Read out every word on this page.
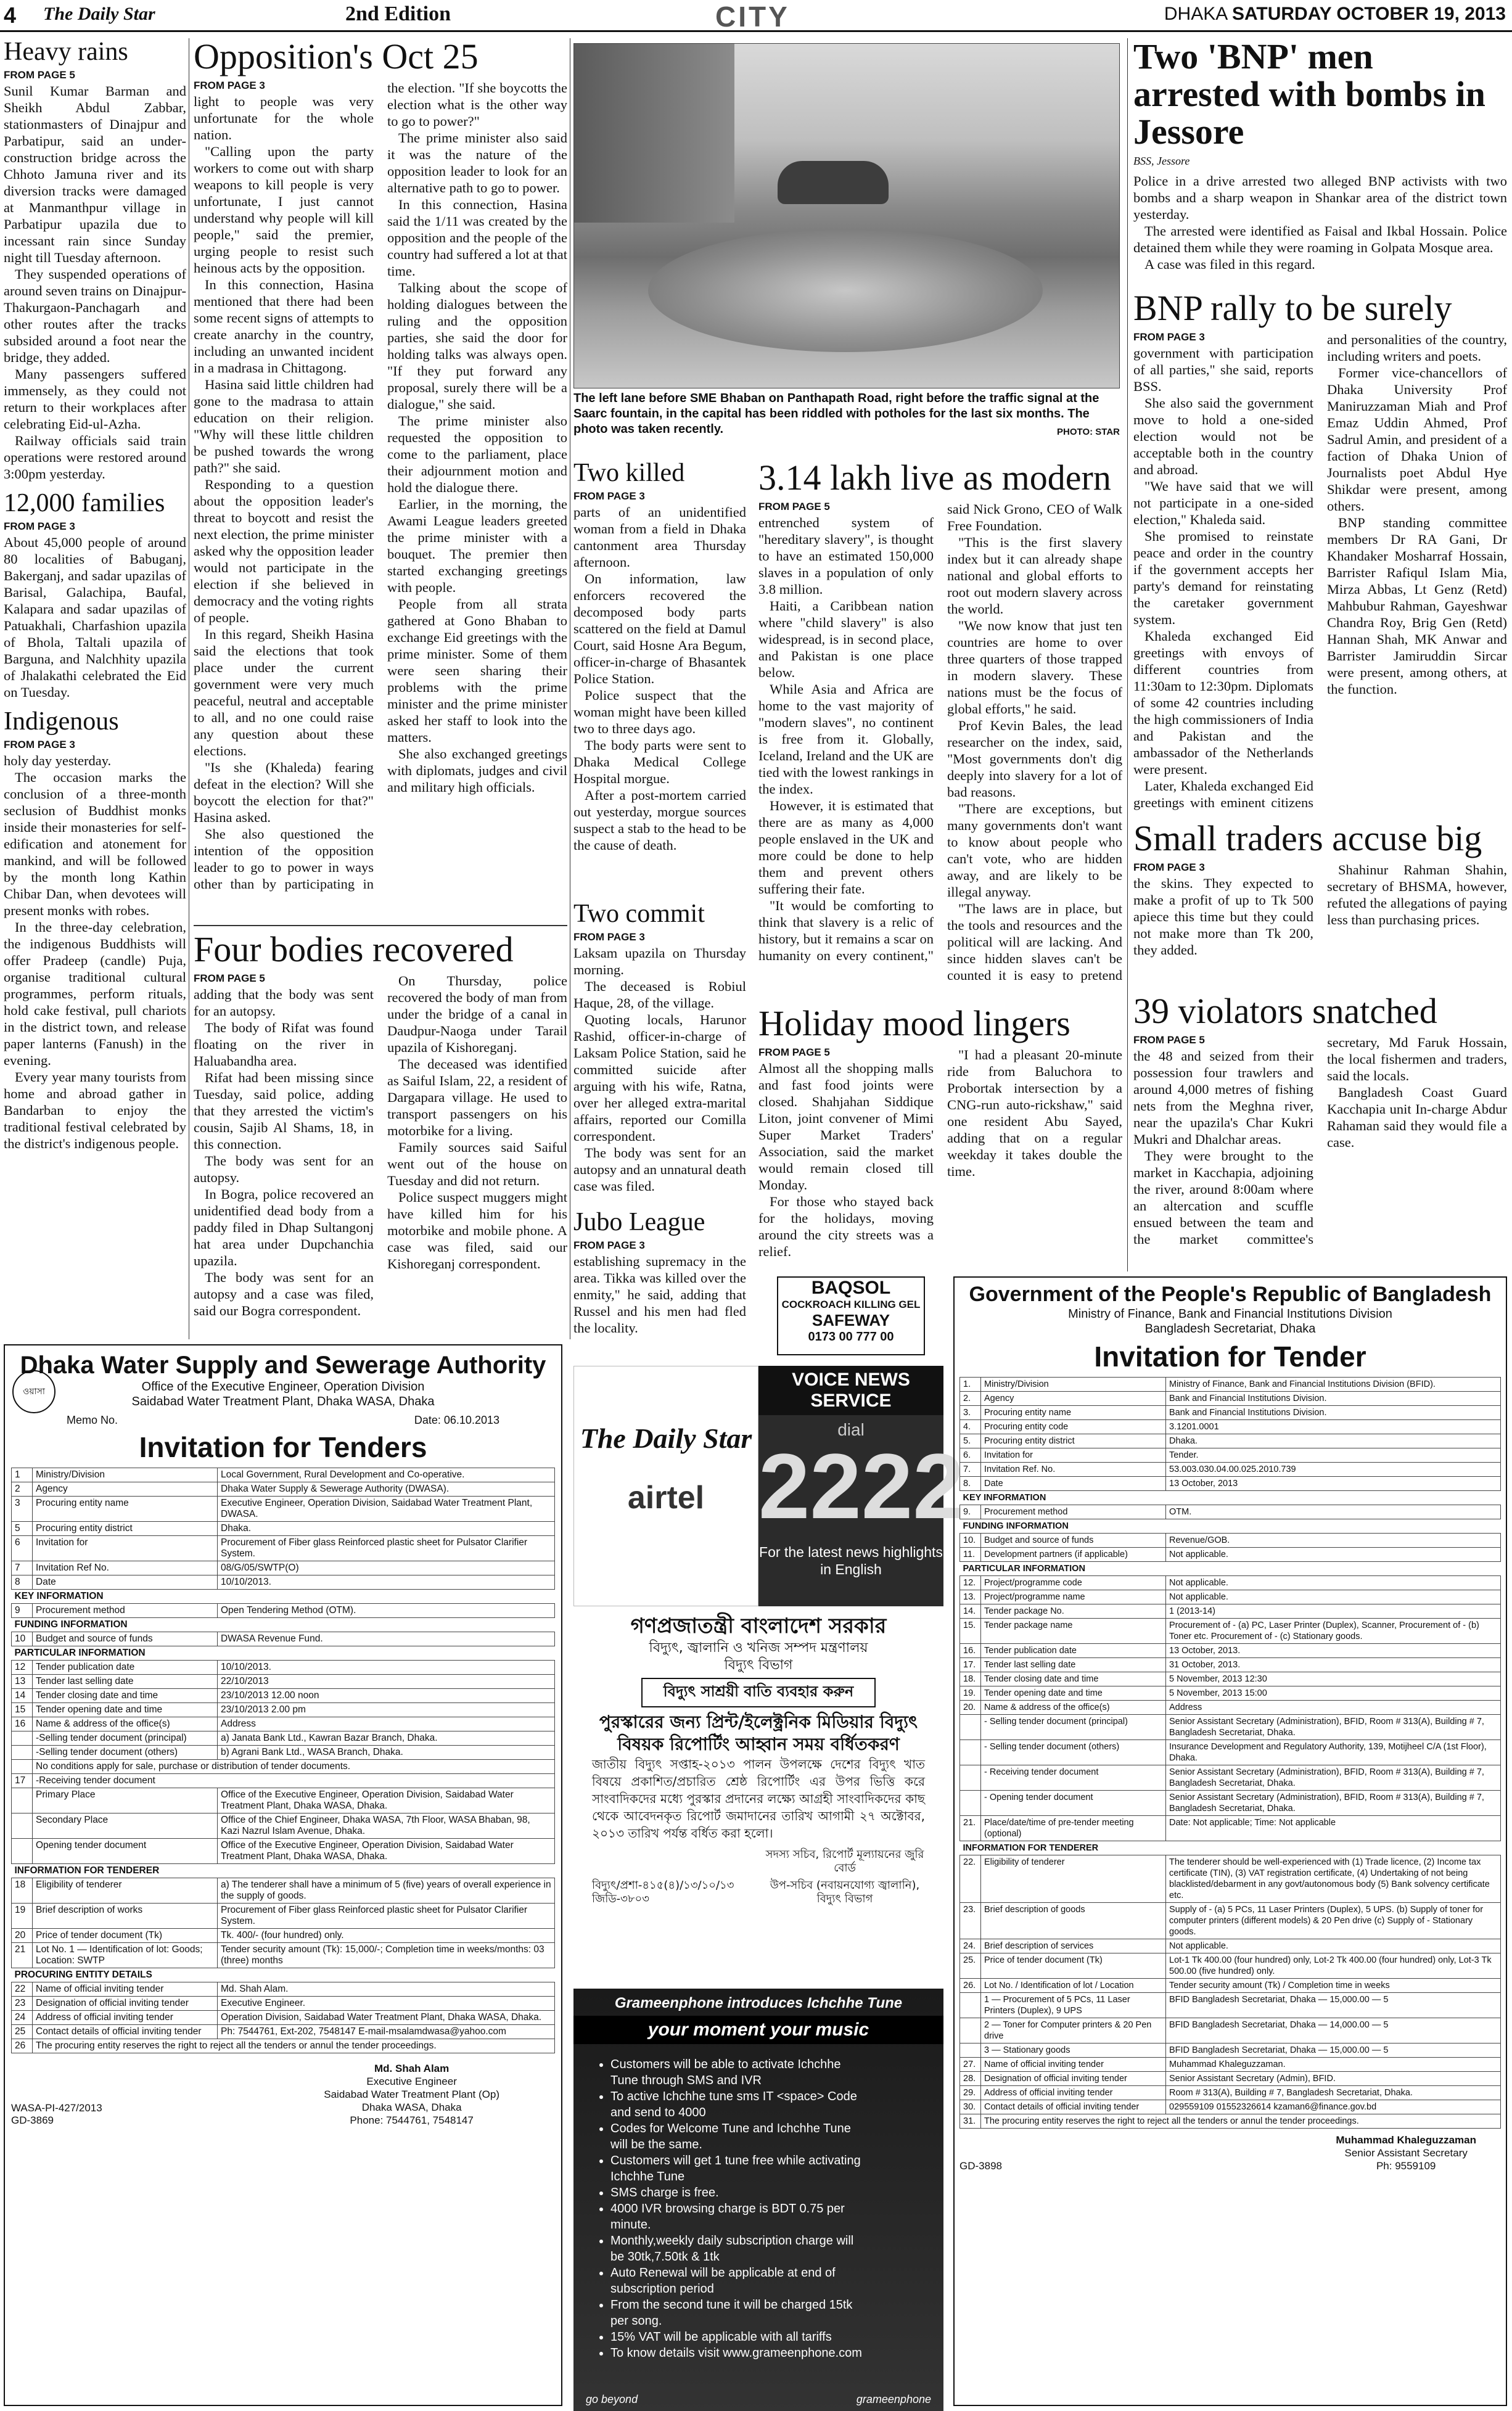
4 The Daily Star	2nd Edition	CITY	DHAKA SATURDAY OCTOBER 19, 2013
Heavy rains
FROM PAGE 5

Sunil Kumar Barman and Sheikh Abdul Zabbar, stationmasters of Dinajpur and Parbatipur, said an under-construction bridge across the Chhoto Jamuna river and its diversion tracks were damaged at Manmanthpur village in Parbatipur upazila due to incessant rain since Sunday night till Tuesday afternoon.

They suspended operations of around seven trains on Dinajpur-Thakurgaon-Panchagarh and other routes after the tracks subsided around a foot near the bridge, they added.

Many passengers suffered immensely, as they could not return to their workplaces after celebrating Eid-ul-Azha.

Railway officials said train operations were restored around 3:00pm yesterday.

12,000 families
FROM PAGE 3

About 45,000 people of around 80 localities of Babuganj, Bakerganj, and sadar upazilas of Barisal, Galachipa, Baufal, Kalapara and sadar upazilas of Patuakhali, Charfashion upazila of Bhola, Taltali upazila of Barguna, and Nalchhity upazila of Jhalakathi celebrated the Eid on Tuesday.

Indigenous
FROM PAGE 3

holy day yesterday.

The occasion marks the conclusion of a three-month seclusion of Buddhist monks inside their monasteries for self-edification and atonement for mankind, and will be followed by the month long Kathin Chibar Dan, when devotees will present monks with robes.

In the three-day celebration, the indigenous Buddhists will offer Pradeep (candle) Puja, organise traditional cultural programmes, perform rituals, hold cake festival, pull chariots in the district town, and release paper lanterns (Fanush) in the evening.

Every year many tourists from home and abroad gather in Bandarban to enjoy the traditional festival celebrated by the district's indigenous people.

Opposition's Oct 25
FROM PAGE 3

light to people was very unfortunate for the whole nation.

"Calling upon the party workers to come out with sharp weapons to kill people is very unfortunate, I just cannot understand why people will kill people," said the premier, urging people to resist such heinous acts by the opposition.

In this connection, Hasina mentioned that there had been some recent signs of attempts to create anarchy in the country, including an unwanted incident in a madrasa in Chittagong.

Hasina said little children had gone to the madrasa to attain education on their religion. "Why will these little children be pushed towards the wrong path?" she said.

Responding to a question about the opposition leader's threat to boycott and resist the next election, the prime minister asked why the opposition leader would not participate in the election if she believed in democracy and the voting rights of people.

In this regard, Sheikh Hasina said the elections that took place under the current government were very much peaceful, neutral and acceptable to all, and no one could raise any question about these elections.

"Is she (Khaleda) fearing defeat in the election? Will she boycott the election for that?" Hasina asked.

She also questioned the intention of the opposition leader to go to power in ways other than by participating in the election. "If she boycotts the election what is the other way to go to power?"

The prime minister also said it was the nature of the opposition leader to look for an alternative path to go to power.

In this connection, Hasina said the 1/11 was created by the opposition and the people of the country had suffered a lot at that time.

Talking about the scope of holding dialogues between the ruling and the opposition parties, she said the door for holding talks was always open. "If they put forward any proposal, surely there will be a dialogue," she said.

The prime minister also requested the opposition to come to the parliament, place their adjournment motion and hold the dialogue there.

Earlier, in the morning, the Awami League leaders greeted the prime minister with a bouquet. The premier then started exchanging greetings with people.

People from all strata gathered at Gono Bhaban to exchange Eid greetings with the prime minister. Some of them were seen sharing their problems with the prime minister and the prime minister asked her staff to look into the matters.

She also exchanged greetings with diplomats, judges and civil and military high officials.

Four bodies recovered
FROM PAGE 5

adding that the body was sent for an autopsy.

The body of Rifat was found floating on the river in Haluabandha area.

Rifat had been missing since Tuesday, said police, adding that they arrested the victim's cousin, Sajib Al Shams, 18, in this connection.

The body was sent for an autopsy.

In Bogra, police recovered an unidentified dead body from a paddy filed in Dhap Sultangonj hat area under Dupchanchia upazila.

The body was sent for an autopsy and a case was filed, said our Bogra correspondent.

On Thursday, police recovered the body of man from under the bridge of a canal in Daudpur-Naoga under Tarail upazila of Kishoreganj.

The deceased was identified as Saiful Islam, 22, a resident of Dargapara village. He used to transport passengers on his motorbike for a living.

Family sources said Saiful went out of the house on Tuesday and did not return.

Police suspect muggers might have killed him for his motorbike and mobile phone. A case was filed, said our Kishoreganj correspondent.

The left lane before SME Bhaban on Panthapath Road, right before the traffic signal at the Saarc fountain, in the capital has been riddled with potholes for the last six months. The photo was taken recently.	PHOTO: STAR
Two killed
FROM PAGE 3

parts of an unidentified woman from a field in Dhaka cantonment area Thursday afternoon.

On information, law enforcers recovered the decomposed body parts scattered on the field at Damul Court, said Hosne Ara Begum, officer-in-charge of Bhasantek Police Station.

Police suspect that the woman might have been killed two to three days ago.

The body parts were sent to Dhaka Medical College Hospital morgue.

After a post-mortem carried out yesterday, morgue sources suspect a stab to the head to be the cause of death.

Two commit
FROM PAGE 3

Laksam upazila on Thursday morning.

The deceased is Robiul Haque, 28, of the village.

Quoting locals, Harunor Rashid, officer-in-charge of Laksam Police Station, said he committed suicide after arguing with his wife, Ratna, over her alleged extra-marital affairs, reported our Comilla correspondent.

The body was sent for an autopsy and an unnatural death case was filed.

Jubo League
FROM PAGE 3

establishing supremacy in the area. Tikka was killed over the enmity," he said, adding that Russel and his men had fled the locality.

3.14 lakh live as modern
FROM PAGE 5

entrenched system of "hereditary slavery", is thought to have an estimated 150,000 slaves in a population of only 3.8 million.

Haiti, a Caribbean nation where "child slavery" is also widespread, is in second place, and Pakistan is one place below.

While Asia and Africa are home to the vast majority of "modern slaves", no continent is free from it. Globally, Iceland, Ireland and the UK are tied with the lowest rankings in the index.

However, it is estimated that there are as many as 4,000 people enslaved in the UK and more could be done to help them and prevent others suffering their fate.

"It would be comforting to think that slavery is a relic of history, but it remains a scar on humanity on every continent," said Nick Grono, CEO of Walk Free Foundation.

"This is the first slavery index but it can already shape national and global efforts to root out modern slavery across the world.

"We now know that just ten countries are home to over three quarters of those trapped in modern slavery. These nations must be the focus of global efforts," he said.

Prof Kevin Bales, the lead researcher on the index, said, "Most governments don't dig deeply into slavery for a lot of bad reasons.

"There are exceptions, but many governments don't want to know about people who can't vote, who are hidden away, and are likely to be illegal anyway.

"The laws are in place, but the tools and resources and the political will are lacking. And since hidden slaves can't be counted it is easy to pretend

Holiday mood lingers
FROM PAGE 5

Almost all the shopping malls and fast food joints were closed. Shahjahan Siddique Liton, joint convener of Mimi Super Market Traders' Association, said the market would remain closed till Monday.

For those who stayed back for the holidays, moving around the city streets was a relief.

"I had a pleasant 20-minute ride from Baluchora to Probortak intersection by a CNG-run auto-rickshaw," said one resident Abu Sayed, adding that on a regular weekday it takes double the time.

Two 'BNP' men arrested with bombs in Jessore
BSS, Jessore

Police in a drive arrested two alleged BNP activists with two bombs and a sharp weapon in Shankar area of the district town yesterday.

The arrested were identified as Faisal and Ikbal Hossain. Police detained them while they were roaming in Golpata Mosque area.

A case was filed in this regard.

BNP rally to be surely
FROM PAGE 3

government with participation of all parties," she said, reports BSS.

She also said the government move to hold a one-sided election would not be acceptable both in the country and abroad.

"We have said that we will not participate in a one-sided election," Khaleda said.

She promised to reinstate peace and order in the country if the government accepts her party's demand for reinstating the caretaker government system.

Khaleda exchanged Eid greetings with envoys of different countries from 11:30am to 12:30pm. Diplomats of some 42 countries including the high commissioners of India and Pakistan and the ambassador of the Netherlands were present.

Later, Khaleda exchanged Eid greetings with eminent citizens and personalities of the country, including writers and poets.

Former vice-chancellors of Dhaka University Prof Maniruzzaman Miah and Prof Emaz Uddin Ahmed, Prof Sadrul Amin, and president of a faction of Dhaka Union of Journalists poet Abdul Hye Shikdar were present, among others.

BNP standing committee members Dr RA Gani, Dr Khandaker Mosharraf Hossain, Barrister Rafiqul Islam Mia, Mirza Abbas, Lt Genz (Retd) Mahbubur Rahman, Gayeshwar Chandra Roy, Brig Gen (Retd) Hannan Shah, MK Anwar and Barrister Jamiruddin Sircar were present, among others, at the function.

Small traders accuse big
FROM PAGE 3

the skins. They expected to make a profit of up to Tk 500 apiece this time but they could not make more than Tk 200, they added.

Shahinur Rahman Shahin, secretary of BHSMA, however, refuted the allegations of paying less than purchasing prices.

39 violators snatched
FROM PAGE 5

the 48 and seized from their possession four trawlers and around 4,000 metres of fishing nets from the Meghna river, near the upazila's Char Kukri Mukri and Dhalchar areas.

They were brought to the market in Kacchapia, adjoining the river, around 8:00am where an altercation and scuffle ensued between the team and the market committee's secretary, Md Faruk Hossain, the local fishermen and traders, said the locals.

Bangladesh Coast Guard Kacchapia unit In-charge Abdur Rahaman said they would file a case.

ওয়াসা
Dhaka Water Supply and Sewerage Authority
Office of the Executive Engineer, Operation Division
Saidabad Water Treatment Plant, Dhaka WASA, Dhaka
Memo No.	Date: 06.10.2013
Invitation for Tenders
1	Ministry/Division	Local Government, Rural Development and Co-operative.
2	Agency	Dhaka Water Supply & Sewerage Authority (DWASA).
3	Procuring entity name	Executive Engineer, Operation Division, Saidabad Water Treatment Plant, DWASA.
5	Procuring entity district	Dhaka.
6	Invitation for	Procurement of Fiber glass Reinforced plastic sheet for Pulsator Clarifier System.
7	Invitation Ref No.	08/G/05/SWTP(O)
8	Date	10/10/2013.
KEY INFORMATION		
9	Procurement method	Open Tendering Method (OTM).
FUNDING INFORMATION		
10	Budget and source of funds	DWASA Revenue Fund.
PARTICULAR INFORMATION		
12	Tender publication date	10/10/2013.
13	Tender last selling date	22/10/2013
14	Tender closing date and time	23/10/2013 12.00 noon
15	Tender opening date and time	23/10/2013 2.00 pm
16	Name & address of the office(s)	Address
	-Selling tender document (principal)	a) Janata Bank Ltd., Kawran Bazar Branch, Dhaka.
	-Selling tender document (others)	b) Agrani Bank Ltd., WASA Branch, Dhaka.
	No conditions apply for sale, purchase or distribution of tender documents.	
17	-Receiving tender document	
	Primary Place	Office of the Executive Engineer, Operation Division, Saidabad Water Treatment Plant, Dhaka WASA, Dhaka.
	Secondary Place	Office of the Chief Engineer, Dhaka WASA, 7th Floor, WASA Bhaban, 98, Kazi Nazrul Islam Avenue, Dhaka.
	Opening tender document	Office of the Executive Engineer, Operation Division, Saidabad Water Treatment Plant, Dhaka WASA, Dhaka.
INFORMATION FOR TENDERER		
18	Eligibility of tenderer	a) The tenderer shall have a minimum of 5 (five) years of overall experience in the supply of goods.
19	Brief description of works	Procurement of Fiber glass Reinforced plastic sheet for Pulsator Clarifier System.
20	Price of tender document (Tk)	Tk. 400/- (four hundred) only.
21	Lot No. 1 — Identification of lot: Goods; Location: SWTP	Tender security amount (Tk): 15,000/-; Completion time in weeks/months: 03 (three) months
PROCURING ENTITY DETAILS		
22	Name of official inviting tender	Md. Shah Alam.
23	Designation of official inviting tender	Executive Engineer.
24	Address of official inviting tender	Operation Division, Saidabad Water Treatment Plant, Dhaka WASA, Dhaka.
25	Contact details of official inviting tender	Ph: 7544761, Ext-202, 7548147 E-mail-msalamdwasa@yahoo.com
26	The procuring entity reserves the right to reject all the tenders or annul the tender proceedings.	
WASA-PI-427/2013
GD-3869
Md. Shah Alam
Executive Engineer
Saidabad Water Treatment Plant (Op)
Dhaka WASA, Dhaka
Phone: 7544761, 7548147
BAQSOL
COCKROACH KILLING GEL
SAFEWAY
0173 00 777 00
The Daily Star
airtel
VOICE NEWS SERVICE
dial
2222
For the latest news highlights in English
গণপ্রজাতন্ত্রী বাংলাদেশ সরকার
বিদ্যুৎ, জ্বালানি ও খনিজ সম্পদ মন্ত্রণালয়
বিদ্যুৎ বিভাগ
বিদ্যুৎ সাশ্রয়ী বাতি ব্যবহার করুন
পুরস্কারের জন্য প্রিন্ট/ইলেক্ট্রনিক মিডিয়ার বিদ্যুৎ
বিষয়ক রিপোর্টিং আহ্বান সময় বর্ধিতকরণ
জাতীয় বিদ্যুৎ সপ্তাহ-২০১৩ পালন উপলক্ষে দেশের বিদ্যুৎ খাত বিষয়ে প্রকাশিত/প্রচারিত শ্রেষ্ঠ রিপোর্টিং এর উপর ভিত্তি করে সাংবাদিকদের মধ্যে পুরস্কার প্রদানের লক্ষ্যে আগ্রহী সাংবাদিকদের কাছ থেকে আবেদনকৃত রিপোর্ট জমাদানের তারিখ আগামী ২৭ অক্টোবর, ২০১৩ তারিখ পর্যন্ত বর্ধিত করা হলো।
বিদ্যুৎ/প্রশা-৪১৫(৪)/১৩/১০/১৩
জিডি-৩৮০৩
সদস্য সচিব, রিপোর্ট মূল্যায়নের জুরি বোর্ড
উপ-সচিব (নবায়নযোগ্য জ্বালানি), বিদ্যুৎ বিভাগ
Grameenphone introduces Ichchhe Tune
your moment your music
• Customers will be able to activate Ichchhe Tune through SMS and IVR
• To active Ichchhe tune sms IT <space> Code and send to 4000
• Codes for Welcome Tune and Ichchhe Tune will be the same.
• Customers will get 1 tune free while activating Ichchhe Tune
• SMS charge is free.
• 4000 IVR browsing charge is BDT 0.75 per minute.
• Monthly,weekly daily subscription charge will be 30tk,7.50tk & 1tk
• Auto Renewal will be applicable at end of subscription period
• From the second tune it will be charged 15tk per song.
• 15% VAT will be applicable with all tariffs
• To know details visit www.grameenphone.com
go beyond	grameenphone
Government of the People's Republic of Bangladesh
Ministry of Finance, Bank and Financial Institutions Division
Bangladesh Secretariat, Dhaka
Invitation for Tender
1.	Ministry/Division	Ministry of Finance, Bank and Financial Institutions Division (BFID).
2.	Agency	Bank and Financial Institutions Division.
3.	Procuring entity name	Bank and Financial Institutions Division.
4.	Procuring entity code	3.1201.0001
5.	Procuring entity district	Dhaka.
6.	Invitation for	Tender.
7.	Invitation Ref. No.	53.003.030.04.00.025.2010.739
8.	Date	13 October, 2013
KEY INFORMATION		
9.	Procurement method	OTM.
FUNDING INFORMATION		
10.	Budget and source of funds	Revenue/GOB.
11.	Development partners (if applicable)	Not applicable.
PARTICULAR INFORMATION		
12.	Project/programme code	Not applicable.
13.	Project/programme name	Not applicable.
14.	Tender package No.	1 (2013-14)
15.	Tender package name	Procurement of - (a) PC, Laser Printer (Duplex), Scanner, Procurement of - (b) Toner etc. Procurement of - (c) Stationary goods.
16.	Tender publication date	13 October, 2013.
17.	Tender last selling date	31 October, 2013.
18.	Tender closing date and time	5 November, 2013 12:30
19.	Tender opening date and time	5 November, 2013 15:00
20.	Name & address of the office(s)	Address
	- Selling tender document (principal)	Senior Assistant Secretary (Administration), BFID, Room # 313(A), Building # 7, Bangladesh Secretariat, Dhaka.
	- Selling tender document (others)	Insurance Development and Regulatory Authority, 139, Motijheel C/A (1st Floor), Dhaka.
	- Receiving tender document	Senior Assistant Secretary (Administration), BFID, Room # 313(A), Building # 7, Bangladesh Secretariat, Dhaka.
	- Opening tender document	Senior Assistant Secretary (Administration), BFID, Room # 313(A), Building # 7, Bangladesh Secretariat, Dhaka.
21.	Place/date/time of pre-tender meeting (optional)	Date: Not applicable; Time: Not applicable
INFORMATION FOR TENDERER		
22.	Eligibility of tenderer	The tenderer should be well-experienced with (1) Trade licence, (2) Income tax certificate (TIN), (3) VAT registration certificate, (4) Undertaking of not being blacklisted/debarment in any govt/autonomous body (5) Bank solvency certificate etc.
23.	Brief description of goods	Supply of - (a) 5 PCs, 11 Laser Printers (Duplex), 5 UPS. (b) Supply of toner for computer printers (different models) & 20 Pen drive (c) Supply of - Stationary goods.
24.	Brief description of services	Not applicable.
25.	Price of tender document (Tk)	Lot-1 Tk 400.00 (four hundred) only, Lot-2 Tk 400.00 (four hundred) only, Lot-3 Tk 500.00 (five hundred) only.
26.	Lot No. / Identification of lot / Location	Tender security amount (Tk) / Completion time in weeks
	1 — Procurement of 5 PCs, 11 Laser Printers (Duplex), 9 UPS	BFID Bangladesh Secretariat, Dhaka — 15,000.00 — 5
	2 — Toner for Computer printers & 20 Pen drive	BFID Bangladesh Secretariat, Dhaka — 14,000.00 — 5
	3 — Stationary goods	BFID Bangladesh Secretariat, Dhaka — 15,000.00 — 5
27.	Name of official inviting tender	Muhammad Khaleguzzaman.
28.	Designation of official inviting tender	Senior Assistant Secretary (Admin), BFID.
29.	Address of official inviting tender	Room # 313(A), Building # 7, Bangladesh Secretariat, Dhaka.
30.	Contact details of official inviting tender	029559109 01552326614 kzaman6@finance.gov.bd
31.	The procuring entity reserves the right to reject all the tenders or annul the tender proceedings.	
GD-3898
Muhammad Khaleguzzaman
Senior Assistant Secretary
Ph: 9559109
